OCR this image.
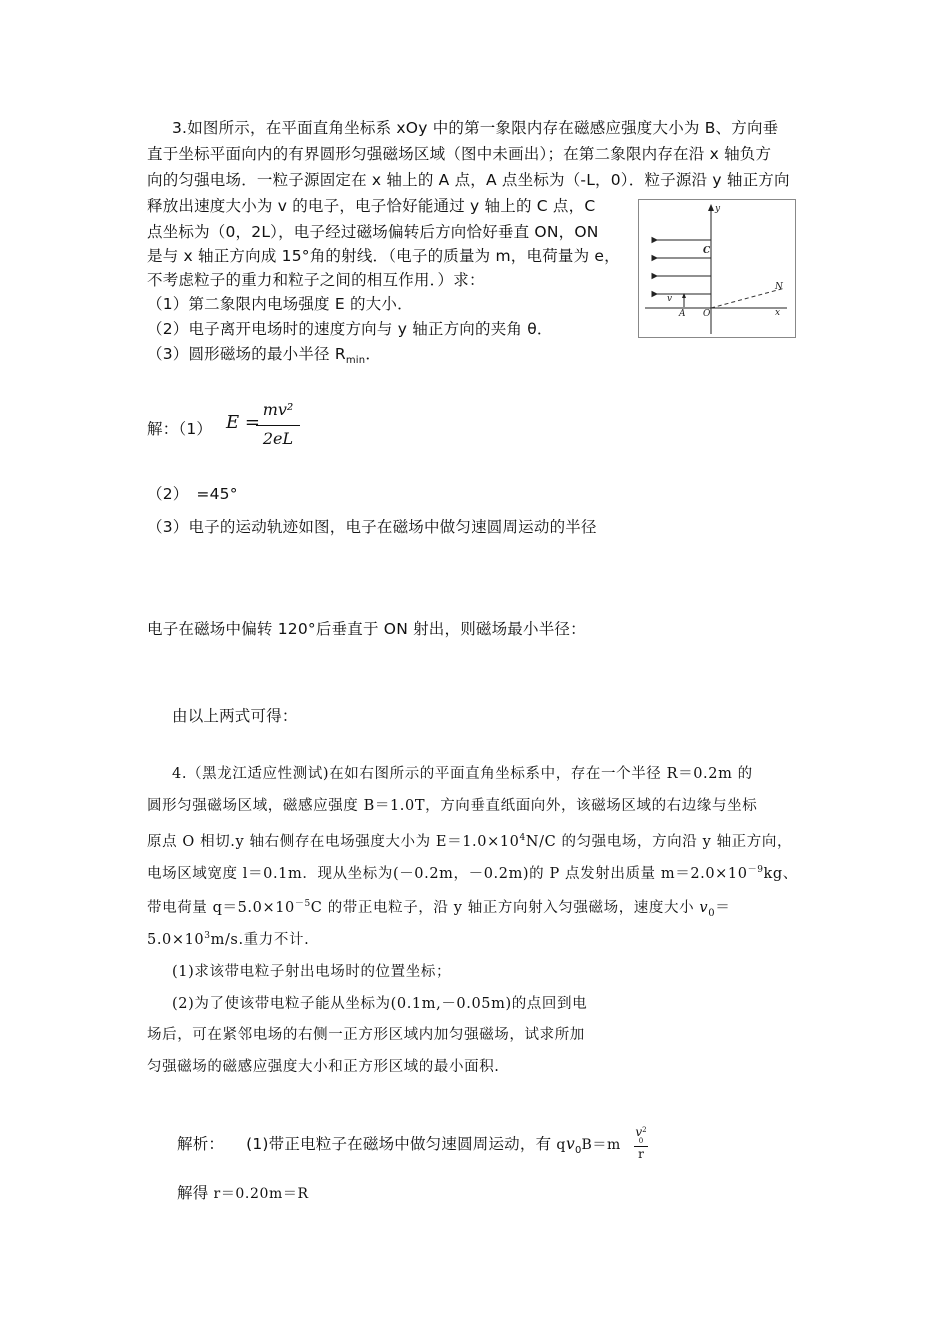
3.如图所示，在平面直角坐标系 xOy 中的第一象限内存在磁感应强度大小为 B、方向垂
直于坐标平面向内的有界圆形匀强磁场区域（图中未画出）；在第二象限内存在沿 x 轴负方
向的匀强电场．一粒子源固定在 x 轴上的 A 点，A 点坐标为（-L，0）．粒子源沿 y 轴正方向
释放出速度大小为 v 的电子，电子恰好能通过 y 轴上的 C 点，C
点坐标为（0，2L），电子经过磁场偏转后方向恰好垂直 ON，ON
是与 x 轴正方向成 15°角的射线．（电子的质量为 m，电荷量为 e，
不考虑粒子的重力和粒子之间的相互作用．）求：
（1）第二象限内电场强度 E 的大小．
（2）电子离开电场时的速度方向与 y 轴正方向的夹角 θ．
（3）圆形磁场的最小半径 $R_{min}$．
y
C
N
v
A O	x
解：（1） E =
mv²
2eL
（2）　=45°
（3）电子的运动轨迹如图，电子在磁场中做匀速圆周运动的半径
电子在磁场中偏转 120°后垂直于 ON 射出，则磁场最小半径：
由以上两式可得：
4.（黑龙江适应性测试)在如右图所示的平面直角坐标系中，存在一个半径 R＝0.2m 的
圆形匀强磁场区域，磁感应强度 B＝1.0T，方向垂直纸面向外，该磁场区域的右边缘与坐标
原点 O 相切.y 轴右侧存在电场强度大小为 $E=1.0\times 10^4N/C$ 的匀强电场，方向沿 y 轴正方向，
电场区域宽度 l＝0.1m．现从坐标为(－0.2m，－0.2m)的 P 点发射出质量 $m=2.0\times 10^{-9}kg$、
带电荷量 $q=5.0\times 10^{-5}C$ 的带正电粒子，沿 y 轴正方向射入匀强磁场，速度大小 $v_0=$
$5.0\times 10^3m/s$.重力不计.
(1)求该带电粒子射出电场时的位置坐标；
(2)为了使该带电粒子能从坐标为(0.1m,－0.05m)的点回到电
场后，可在紧邻电场的右侧一正方形区域内加匀强磁场，试求所加
匀强磁场的磁感应强度大小和正方形区域的最小面积.
解析： (1)带正电粒子在磁场中做匀速圆周运动，有 $qv_0B=m$
$v^2$
0
r
解得 r＝0.20m＝R
